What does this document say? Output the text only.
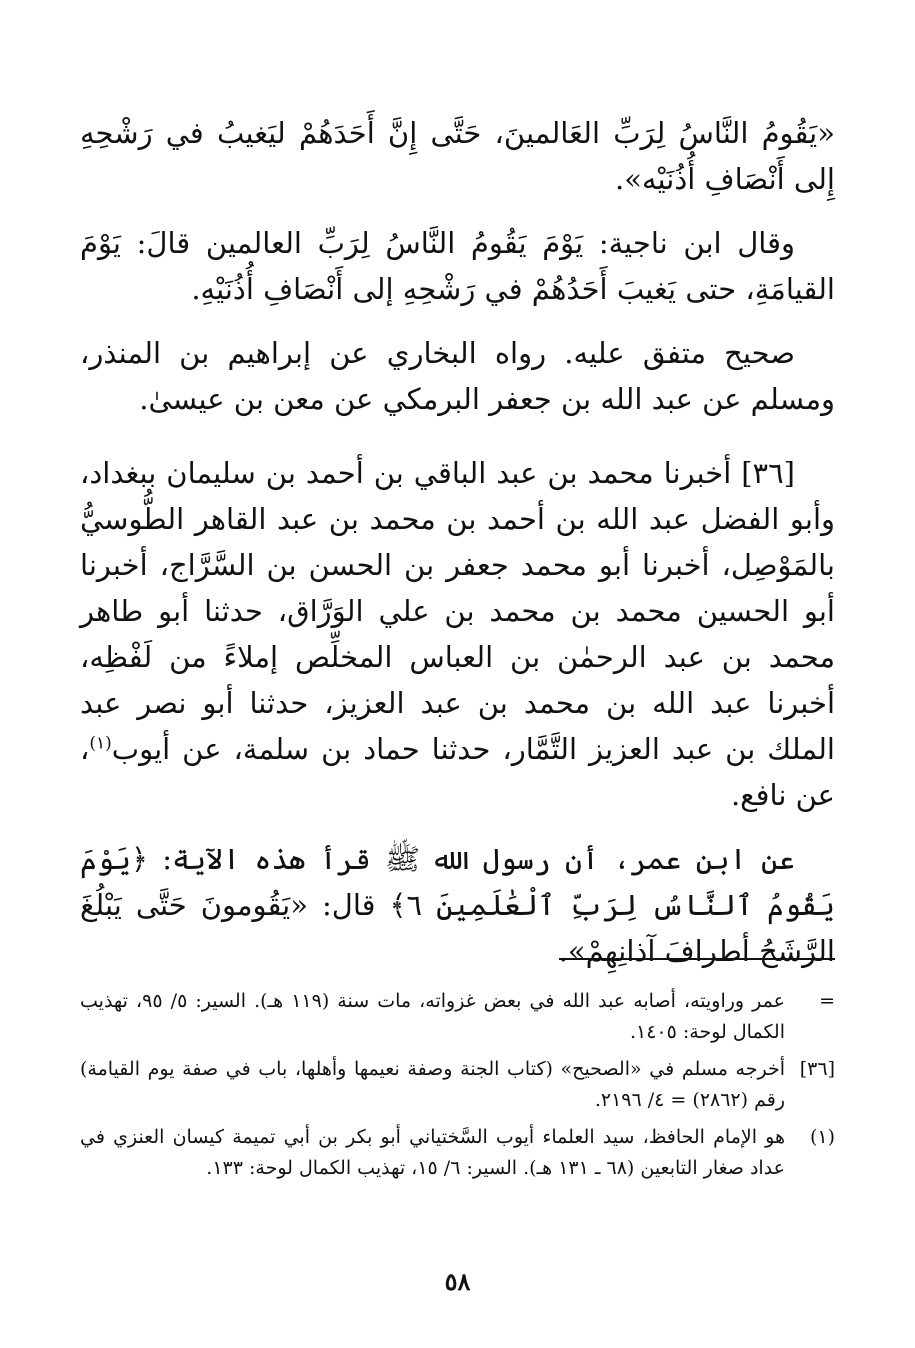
«يَقُومُ النَّاسُ لِرَبِّ العَالمينَ، حَتَّى إِنَّ أَحَدَهُمْ ليَغيبُ في رَشْحِهِ إِلى أَنْصَافِ أُذُنَيْه».

وقال ابن ناجية: يَوْمَ يَقُومُ النَّاسُ لِرَبِّ العالمين قالَ: يَوْمَ القيامَةِ، حتى يَغيبَ أَحَدُهُمْ في رَشْحِهِ إلى أَنْصَافِ أُذُنَيْهِ.

صحيح متفق عليه. رواه البخاري عن إبراهيم بن المنذر، ومسلم عن عبد الله بن جعفر البرمكي عن معن بن عيسىٰ.

[٣٦] أخبرنا محمد بن عبد الباقي بن أحمد بن سليمان ببغداد، وأبو الفضل عبد الله بن أحمد بن محمد بن عبد القاهر الطُّوسيُّ بالمَوْصِل، أخبرنا أبو محمد جعفر بن الحسن بن السَّرَّاج، أخبرنا أبو الحسين محمد بن محمد بن علي الوَرَّاق، حدثنا أبو طاهر محمد بن عبد الرحمٰن بن العباس المخلِّص إملاءً من لَفْظِه، أخبرنا عبد الله بن محمد بن عبد العزيز، حدثنا أبو نصر عبد الملك بن عبد العزيز التَّمَّار، حدثنا حماد بن سلمة، عن أيوب$^{(١)}$، عن نافع.

عن ابن عمر، أن رسول الله ﷺ قرأ هذه الآية: ﴿يَوْمَ يَقُومُ ٱلنَّاسُ لِرَبِّ ٱلْعَٰلَمِينَ ٦﴾ قال: «يَقُومونَ حَتَّى يَبْلُغَ الرَّشَحُ أطرافَ آذانِهِمْ».

=
عمر وراويته، أصابه عبد الله في بعض غزواته، مات سنة (١١٩ هـ). السير: ٥/ ٩٥، تهذيب الكمال لوحة: ١٤٠٥.
[٣٦]
أخرجه مسلم في «الصحيح» (كتاب الجنة وصفة نعيمها وأهلها، باب في صفة يوم القيامة) رقم (٢٨٦٢) = ٤/ ٢١٩٦.
(١)
هو الإمام الحافظ، سيد العلماء أيوب السَّختياني أبو بكر بن أبي تميمة كيسان العنزي في عداد صغار التابعين (٦٨ ـ ١٣١ هـ). السير: ٦/ ١٥، تهذيب الكمال لوحة: ١٣٣.
٥٨
